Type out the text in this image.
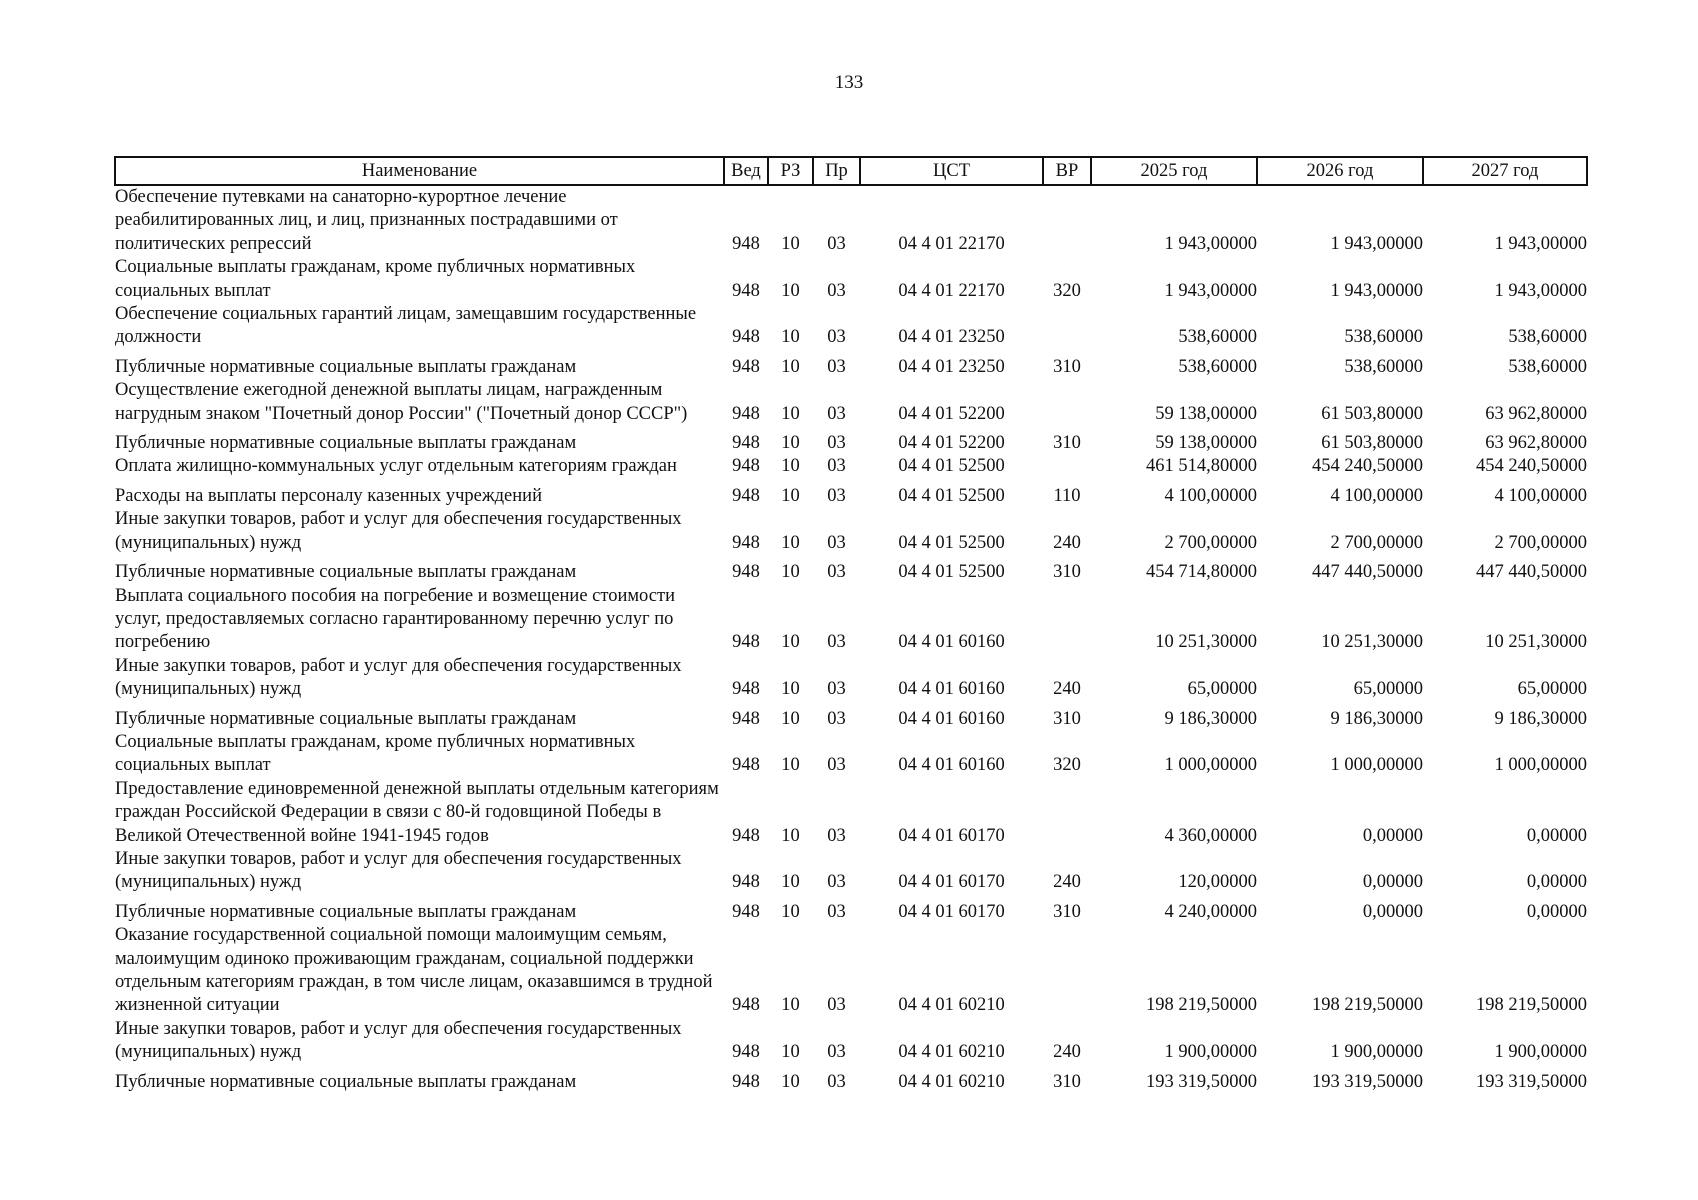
133
Наименование	Вед	РЗ	Пр	ЦСТ	ВР	2025 год	2026 год	2027 год
Обеспечение путевками на санаторно-курортное лечение реабилитированных лиц, и лиц, признанных пострадавшими от политических репрессий	948	10	03	04 4 01 22170		1 943,00000	1 943,00000	1 943,00000
Социальные выплаты гражданам, кроме публичных нормативных социальных выплат	948	10	03	04 4 01 22170	320	1 943,00000	1 943,00000	1 943,00000
Обеспечение социальных гарантий лицам, замещавшим государственные должности	948	10	03	04 4 01 23250		538,60000	538,60000	538,60000
Публичные нормативные социальные выплаты гражданам	948	10	03	04 4 01 23250	310	538,60000	538,60000	538,60000
Осуществление ежегодной денежной выплаты лицам, награжденным нагрудным знаком "Почетный донор России" ("Почетный донор СССР")	948	10	03	04 4 01 52200		59 138,00000	61 503,80000	63 962,80000
Публичные нормативные социальные выплаты гражданам	948	10	03	04 4 01 52200	310	59 138,00000	61 503,80000	63 962,80000
Оплата жилищно-коммунальных услуг отдельным категориям граждан	948	10	03	04 4 01 52500		461 514,80000	454 240,50000	454 240,50000
Расходы на выплаты персоналу казенных учреждений	948	10	03	04 4 01 52500	110	4 100,00000	4 100,00000	4 100,00000
Иные закупки товаров, работ и услуг для обеспечения государственных (муниципальных) нужд	948	10	03	04 4 01 52500	240	2 700,00000	2 700,00000	2 700,00000
Публичные нормативные социальные выплаты гражданам	948	10	03	04 4 01 52500	310	454 714,80000	447 440,50000	447 440,50000
Выплата социального пособия на погребение и возмещение стоимости услуг, предоставляемых согласно гарантированному перечню услуг по погребению	948	10	03	04 4 01 60160		10 251,30000	10 251,30000	10 251,30000
Иные закупки товаров, работ и услуг для обеспечения государственных (муниципальных) нужд	948	10	03	04 4 01 60160	240	65,00000	65,00000	65,00000
Публичные нормативные социальные выплаты гражданам	948	10	03	04 4 01 60160	310	9 186,30000	9 186,30000	9 186,30000
Социальные выплаты гражданам, кроме публичных нормативных социальных выплат	948	10	03	04 4 01 60160	320	1 000,00000	1 000,00000	1 000,00000
Предоставление единовременной денежной выплаты отдельным категориям граждан Российской Федерации в связи с 80-й годовщиной Победы в Великой Отечественной войне 1941-1945 годов	948	10	03	04 4 01 60170		4 360,00000	0,00000	0,00000
Иные закупки товаров, работ и услуг для обеспечения государственных (муниципальных) нужд	948	10	03	04 4 01 60170	240	120,00000	0,00000	0,00000
Публичные нормативные социальные выплаты гражданам	948	10	03	04 4 01 60170	310	4 240,00000	0,00000	0,00000
Оказание государственной социальной помощи малоимущим семьям, малоимущим одиноко проживающим гражданам, социальной поддержки отдельным категориям граждан, в том числе лицам, оказавшимся в трудной жизненной ситуации	948	10	03	04 4 01 60210		198 219,50000	198 219,50000	198 219,50000
Иные закупки товаров, работ и услуг для обеспечения государственных (муниципальных) нужд	948	10	03	04 4 01 60210	240	1 900,00000	1 900,00000	1 900,00000
Публичные нормативные социальные выплаты гражданам	948	10	03	04 4 01 60210	310	193 319,50000	193 319,50000	193 319,50000
